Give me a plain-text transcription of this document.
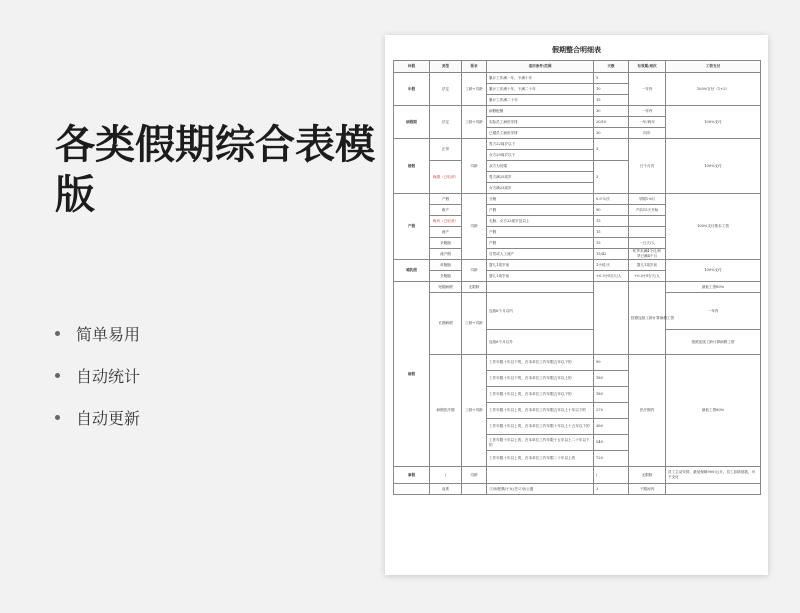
各类假期综合表模版
简单易用
自动统计
自动更新
假期整合明细表
休假	类型	要求	适用条件/范围	天数	有效期/周次	工资支付
年假	法定	工龄+司龄	累计工作满一年，不满十年	5	一年内	100%支付（1+2）
			累计工作满十年，不满二十年	10		
			累计工作满二十年	15		
病假期	法定	工龄+司龄	病假配额	30	一年内	100%支付
			实际员工病世安排	20/10	一年/两年	
			已婚员工病世安排	30	四年	
婚假	正常	司龄	男方22周岁以下	3	日个月内	100%支付
			女方20周岁以下			
	晚婚（已取消）		双方为初婚	3		
			男方满25周岁			
			女方满23周岁			
产假	产假	司龄	分娩	0.5-1/次	孕期1-6月	100%支付基本工资
	难产		产假	90	产前15天开始	
	晚育（已取消）		无胎、女方23周岁及以上	15		
	流产		产假	15		
	多胞胎		产假	15	一日天/人	
	流产假		自然或人工流产	15/42	怀孕未满4个月/怀孕已满4个月	
哺乳假	单胞胎	司龄	婴儿1周岁前	1小时/天	婴儿1周岁前	100%支付
	多胞胎		婴儿1周岁前	+0.5小时/天/人	+0.5小时/天/人	
病假	短期病假	无限制			按照连续工龄计算病假工资	最低工资80%
	长期病假	工龄+司龄	连续6个月以内			一年内
			连续6个月以外			按照连续工龄计算病假工资
	病假医疗期	工龄+司龄	工作年限十年以下的，在本单位工作年限五年以下的	90	医疗期内	最低工资80%
			工作年限十年以下的，在本单位工作年限五年以上的	180		
			工作年限十年以上的，在本单位工作年限五年以下的	180		
			工作年限十年以上的，在本单位工作年限五年以上十年以下的	270		
			工作年限十年以上的，在本单位工作年限十年以上十五年以下的	360		
			工作年限十年以上的，在本单位工作年限十五年以上二十年以下的	540		
			工作年限十年以上的，在本单位工作年限二十年以上的	720		
事假	/	司龄		/	无限制	员工主动安排，最低保障900元/月，员工扣除基数，可不支付
	直系		父母/配偶/子女/岳父母/公婆	3	于期间内	
